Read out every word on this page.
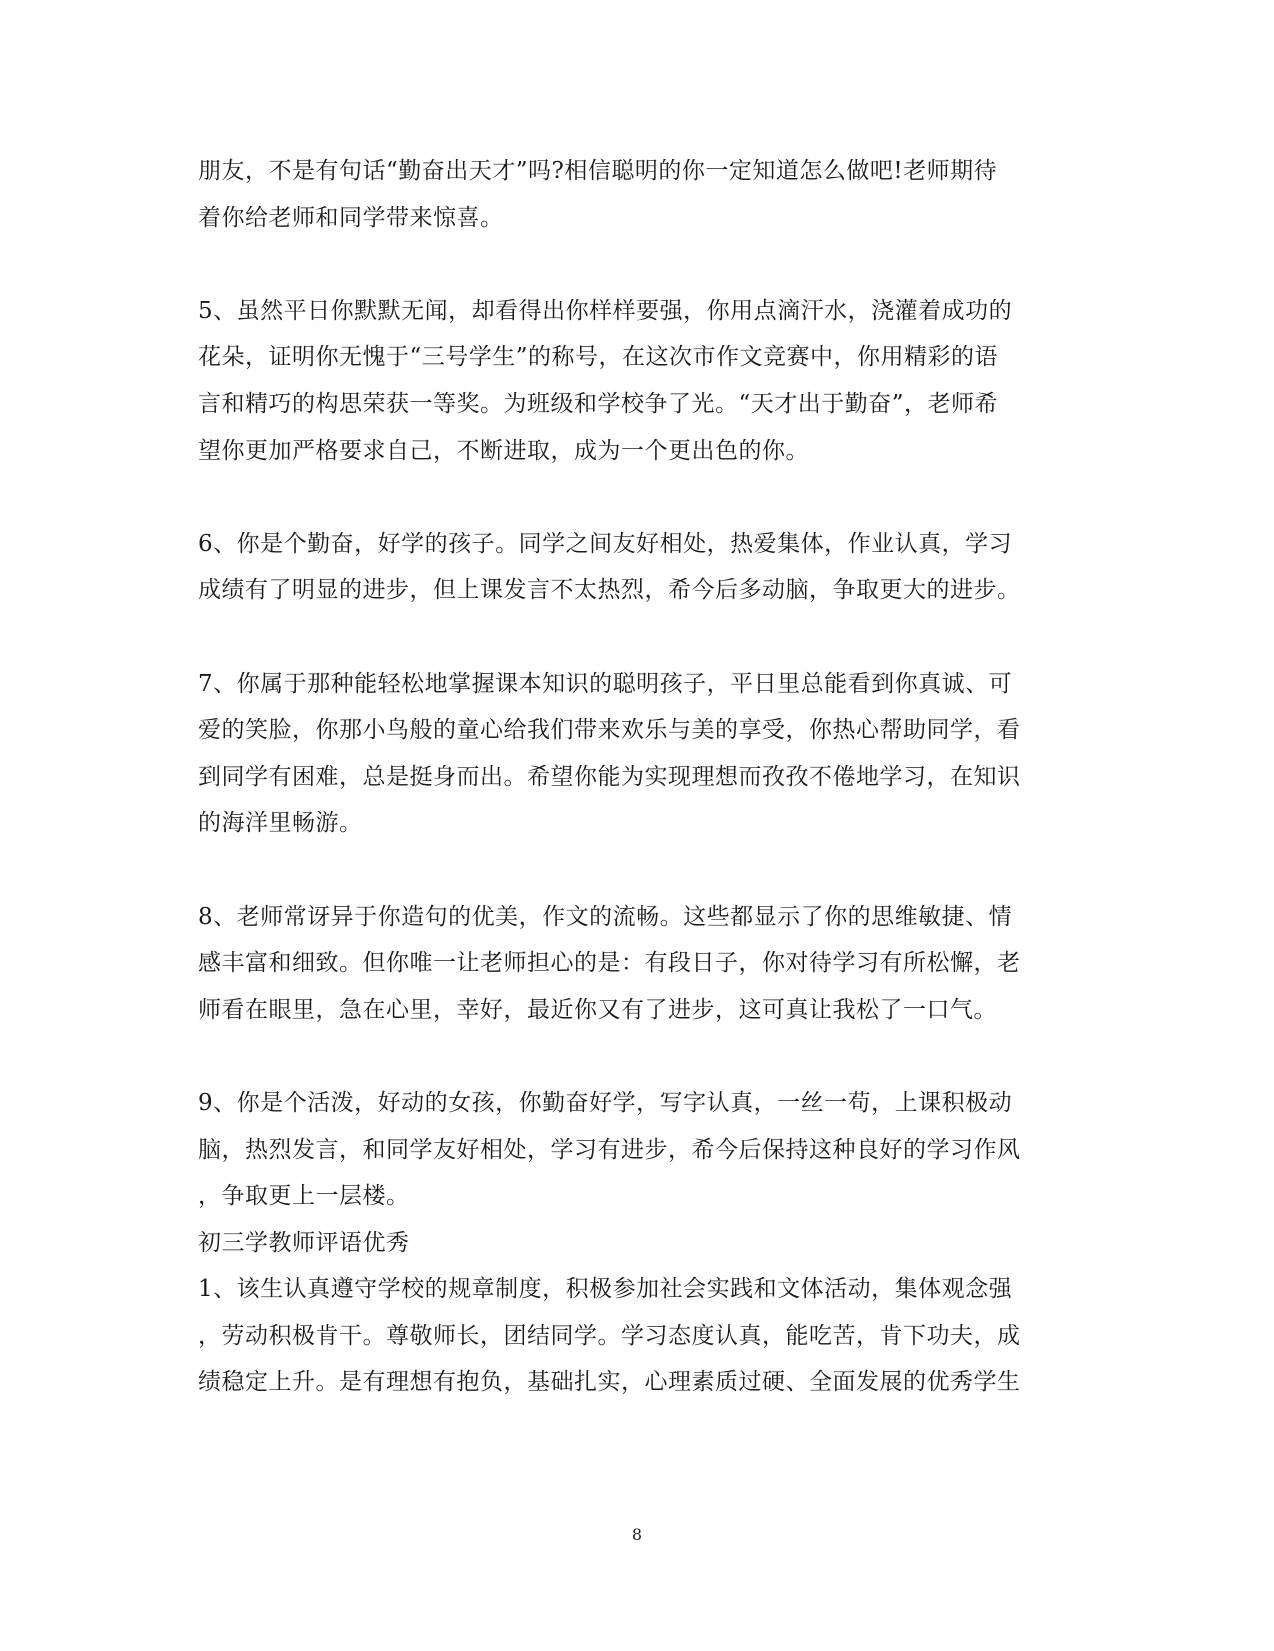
朋友，不是有句话“勤奋出天才”吗?相信聪明的你一定知道怎么做吧!老师期待
着你给老师和同学带来惊喜。
5、虽然平日你默默无闻，却看得出你样样要强，你用点滴汗水，浇灌着成功的
花朵，证明你无愧于“三号学生”的称号，在这次市作文竞赛中，你用精彩的语
言和精巧的构思荣获一等奖。为班级和学校争了光。“天才出于勤奋”，老师希
望你更加严格要求自己，不断进取，成为一个更出色的你。
6、你是个勤奋，好学的孩子。同学之间友好相处，热爱集体，作业认真，学习
成绩有了明显的进步，但上课发言不太热烈，希今后多动脑，争取更大的进步。
7、你属于那种能轻松地掌握课本知识的聪明孩子，平日里总能看到你真诚、可
爱的笑脸，你那小鸟般的童心给我们带来欢乐与美的享受，你热心帮助同学，看
到同学有困难，总是挺身而出。希望你能为实现理想而孜孜不倦地学习，在知识
的海洋里畅游。
8、老师常讶异于你造句的优美，作文的流畅。这些都显示了你的思维敏捷、情
感丰富和细致。但你唯一让老师担心的是：有段日子，你对待学习有所松懈，老
师看在眼里，急在心里，幸好，最近你又有了进步，这可真让我松了一口气。
9、你是个活泼，好动的女孩，你勤奋好学，写字认真，一丝一苟，上课积极动
脑，热烈发言，和同学友好相处，学习有进步，希今后保持这种良好的学习作风
，争取更上一层楼。
初三学教师评语优秀
1、该生认真遵守学校的规章制度，积极参加社会实践和文体活动，集体观念强
，劳动积极肯干。尊敬师长，团结同学。学习态度认真，能吃苦，肯下功夫，成
绩稳定上升。是有理想有抱负，基础扎实，心理素质过硬、全面发展的优秀学生
8
